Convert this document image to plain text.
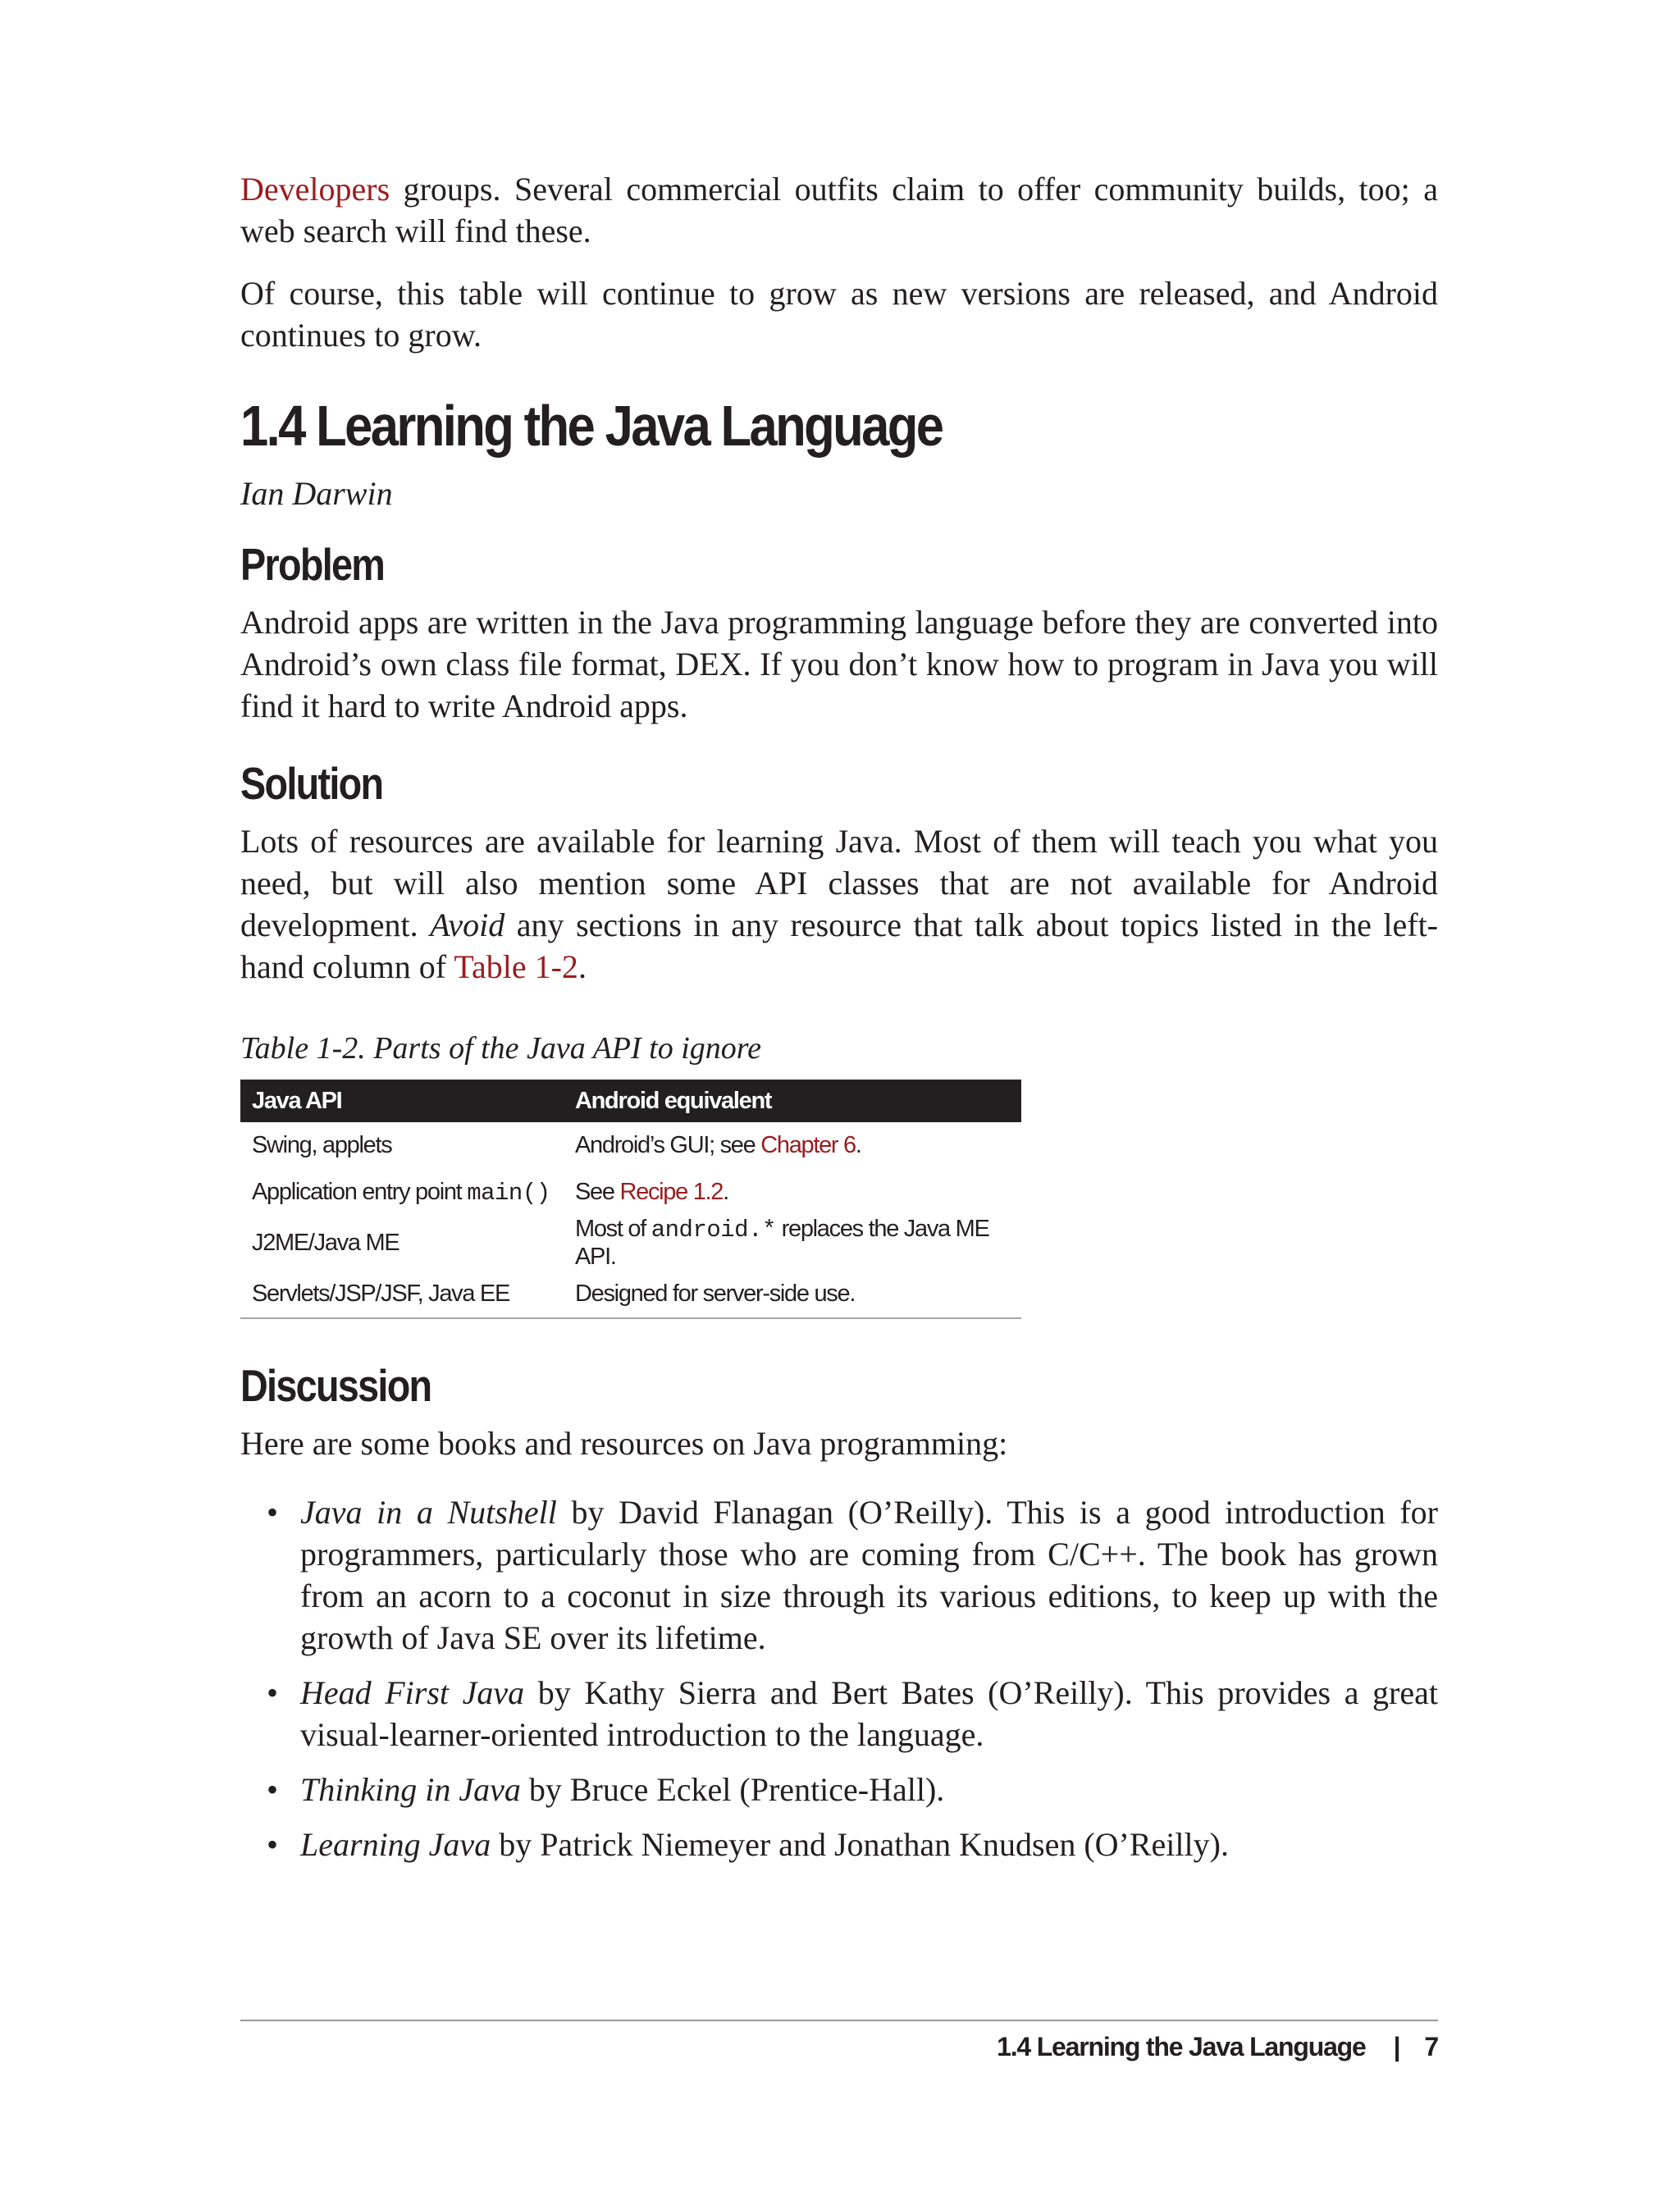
Developers groups. Several commercial outfits claim to offer community builds, too; a web search will find these.

Of course, this table will continue to grow as new versions are released, and Android continues to grow.

1.4 Learning the Java Language
Ian Darwin
Problem

Android apps are written in the Java programming language before they are converted into Android’s own class file format, DEX. If you don’t know how to program in Java you will find it hard to write Android apps.

Solution

Lots of resources are available for learning Java. Most of them will teach you what you need, but will also mention some API classes that are not available for Android development. Avoid any sections in any resource that talk about topics listed in the left-hand column of Table 1-2.

Table 1-2. Parts of the Java API to ignore
Java API	Android equivalent
Swing, applets	Android’s GUI; see Chapter 6.
Application entry point main()	See Recipe 1.2.
J2ME/Java ME	Most of android.* replaces the Java ME API.
Servlets/JSP/JSF, Java EE	Designed for server-side use.
Discussion

Here are some books and resources on Java programming:

• Java in a Nutshell by David Flanagan (O’Reilly). This is a good introduction for programmers, particularly those who are coming from C/C++. The book has grown from an acorn to a coconut in size through its various editions, to keep up with the growth of Java SE over its lifetime.
• Head First Java by Kathy Sierra and Bert Bates (O’Reilly). This provides a great visual-learner-oriented introduction to the language.
• Thinking in Java by Bruce Eckel (Prentice-Hall).
• Learning Java by Patrick Niemeyer and Jonathan Knudsen (O’Reilly).
1.4 Learning the Java Language | 7
